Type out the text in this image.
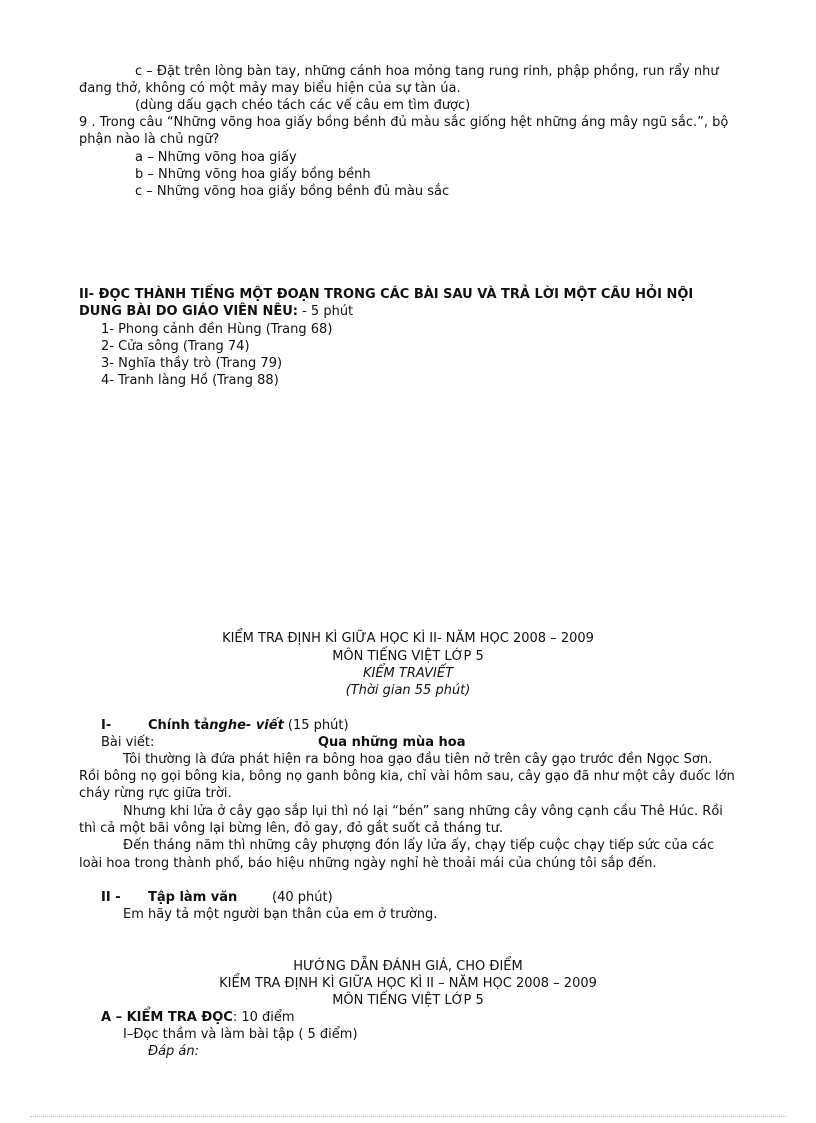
c – Đặt trên lòng bàn tay, những cánh hoa mỏng tang rung rinh, phập phồng, run rẩy như
đang thở, không có một mảy may biểu hiện của sự tàn úa.
(dùng dấu gạch chéo tách các vế câu em tìm được)
9 . Trong câu “Những võng hoa giấy bồng bềnh đủ màu sắc giống hệt những áng mây ngũ sắc.”, bộ
phận nào là chủ ngữ?
a – Những võng hoa giấy
b – Những võng hoa giấy bồng bềnh
c – Những võng hoa giấy bồng bềnh đủ màu sắc
II- ĐỌC THÀNH TIẾNG MỘT ĐOẠN TRONG CÁC BÀI SAU VÀ TRẢ LỜI MỘT CÂU HỎI NỘI
DUNG BÀI DO GIÁO VIÊN NÊU: - 5 phút
1- Phong cảnh đền Hùng (Trang 68)
2- Cửa sông (Trang 74)
3- Nghĩa thầy trò (Trang 79)
4- Tranh làng Hồ (Trang 88)
KIỂM TRA ĐỊNH KÌ GIỮA HỌC KÌ II- NĂM HỌC 2008 – 2009
MÔN TIẾNG VIỆT LỚP 5
KIỂM TRAVIẾT
(Thời gian 55 phút)
I-	Chính tảnghe- viết (15 phút)
Bài viết:	Qua những mùa hoa
Tôi thường là đứa phát hiện ra bông hoa gạo đầu tiên nở trên cây gạo trước đền Ngọc Sơn.
Rồi bông nọ gọi bông kia, bông nọ ganh bông kia, chỉ vài hôm sau, cây gạo đã như một cây đuốc lớn
cháy rừng rực giữa trời.
Nhưng khi lửa ở cây gạo sắp lụi thì nó lại “bén” sang những cây vông cạnh cầu Thê Húc. Rồi
thì cả một bãi vông lại bừng lên, đỏ gay, đỏ gắt suốt cả tháng tư.
Đến tháng năm thì những cây phượng đón lấy lửa ấy, chạy tiếp cuộc chạy tiếp sức của các
loài hoa trong thành phố, báo hiệu những ngày nghỉ hè thoải mái của chúng tôi sắp đến.
II - Tập làm văn	(40 phút)
Em hãy tả một người bạn thân của em ở trường.
HƯỚNG DẪN ĐÁNH GIÁ, CHO ĐIỂM
KIỂM TRA ĐỊNH KÌ GIỮA HỌC KÌ II – NĂM HỌC 2008 – 2009
MÔN TIẾNG VIỆT LỚP 5
A – KIỂM TRA ĐỌC: 10 điểm
I–Đọc thầm và làm bài tập ( 5 điểm)
Đáp án:
